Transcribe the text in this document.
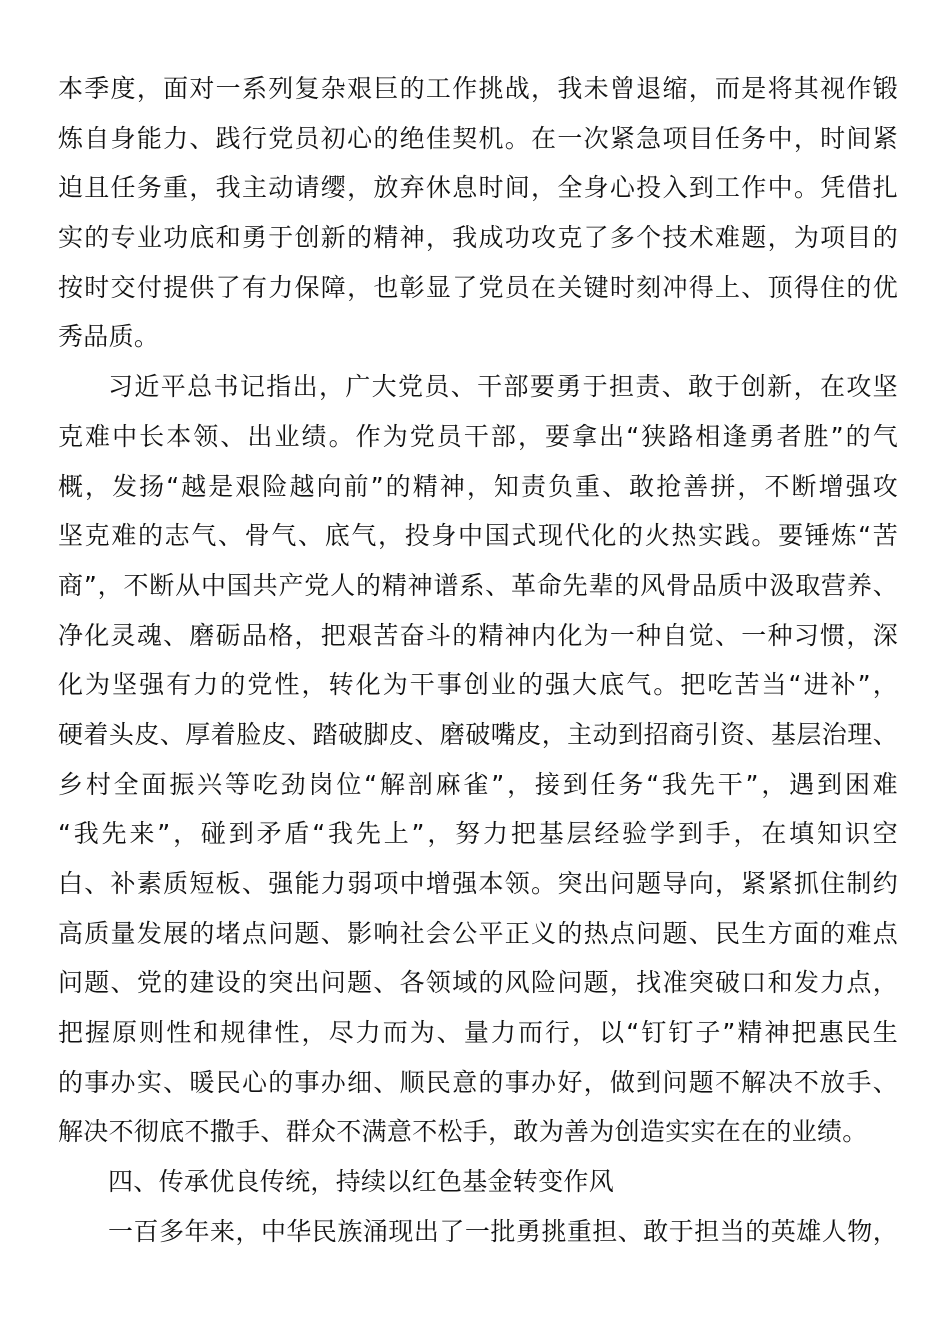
本季度，面对一系列复杂艰巨的工作挑战，我未曾退缩，而是将其视作锻
炼自身能力、践行党员初心的绝佳契机。在一次紧急项目任务中，时间紧
迫且任务重，我主动请缨，放弃休息时间，全身心投入到工作中。凭借扎
实的专业功底和勇于创新的精神，我成功攻克了多个技术难题，为项目的
按时交付提供了有力保障，也彰显了党员在关键时刻冲得上、顶得住的优
秀品质。
习近平总书记指出，广大党员、干部要勇于担责、敢于创新，在攻坚
克难中长本领、出业绩。作为党员干部，要拿出“狭路相逢勇者胜”的气
概，发扬“越是艰险越向前”的精神，知责负重、敢抢善拼，不断增强攻
坚克难的志气、骨气、底气，投身中国式现代化的火热实践。要锤炼“苦
商”，不断从中国共产党人的精神谱系、革命先辈的风骨品质中汲取营养、
净化灵魂、磨砺品格，把艰苦奋斗的精神内化为一种自觉、一种习惯，深
化为坚强有力的党性，转化为干事创业的强大底气。把吃苦当“进补”，
硬着头皮、厚着脸皮、踏破脚皮、磨破嘴皮，主动到招商引资、基层治理、
乡村全面振兴等吃劲岗位“解剖麻雀”，接到任务“我先干”，遇到困难
“我先来”，碰到矛盾“我先上”，努力把基层经验学到手，在填知识空
白、补素质短板、强能力弱项中增强本领。突出问题导向，紧紧抓住制约
高质量发展的堵点问题、影响社会公平正义的热点问题、民生方面的难点
问题、党的建设的突出问题、各领域的风险问题，找准突破口和发力点，
把握原则性和规律性，尽力而为、量力而行，以“钉钉子”精神把惠民生
的事办实、暖民心的事办细、顺民意的事办好，做到问题不解决不放手、
解决不彻底不撒手、群众不满意不松手，敢为善为创造实实在在的业绩。
四、传承优良传统，持续以红色基金转变作风
一百多年来，中华民族涌现出了一批勇挑重担、敢于担当的英雄人物，
